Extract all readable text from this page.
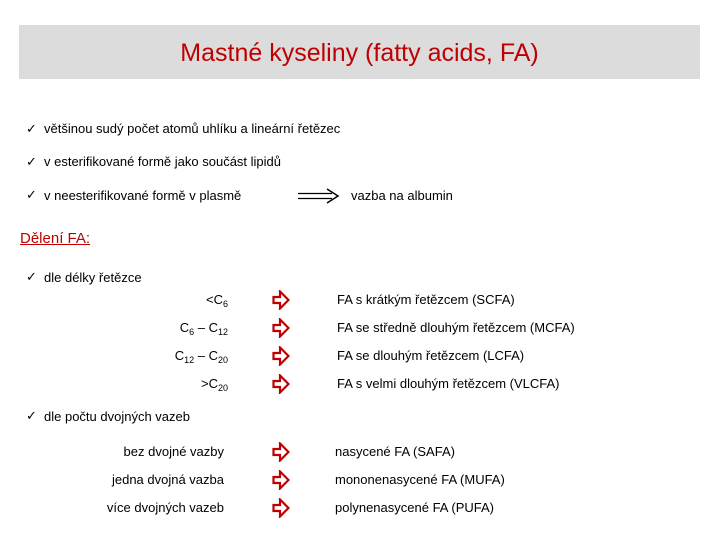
Mastné kyseliny (fatty acids, FA)
✓ většinou sudý počet atomů uhlíku a lineární řetězec
✓ v esterifikované formě jako součást lipidů
✓ v neesterifikované formě v plasmě	vazba na albumin
Dělení FA:
✓ dle délky řetězce
$<C_6$	FA s krátkým řetězcem (SCFA)
$C_6 - C_{12}$	FA se středně dlouhým řetězcem (MCFA)
$C_{12} - C_{20}$	FA se dlouhým řetězcem (LCFA)
$>C_{20}$	FA s velmi dlouhým řetězcem (VLCFA)
✓ dle počtu dvojných vazeb
bez dvojné vazby	nasycené FA (SAFA)
jedna dvojná vazba	mononenasycené FA (MUFA)
více dvojných vazeb	polynenasycené FA (PUFA)
